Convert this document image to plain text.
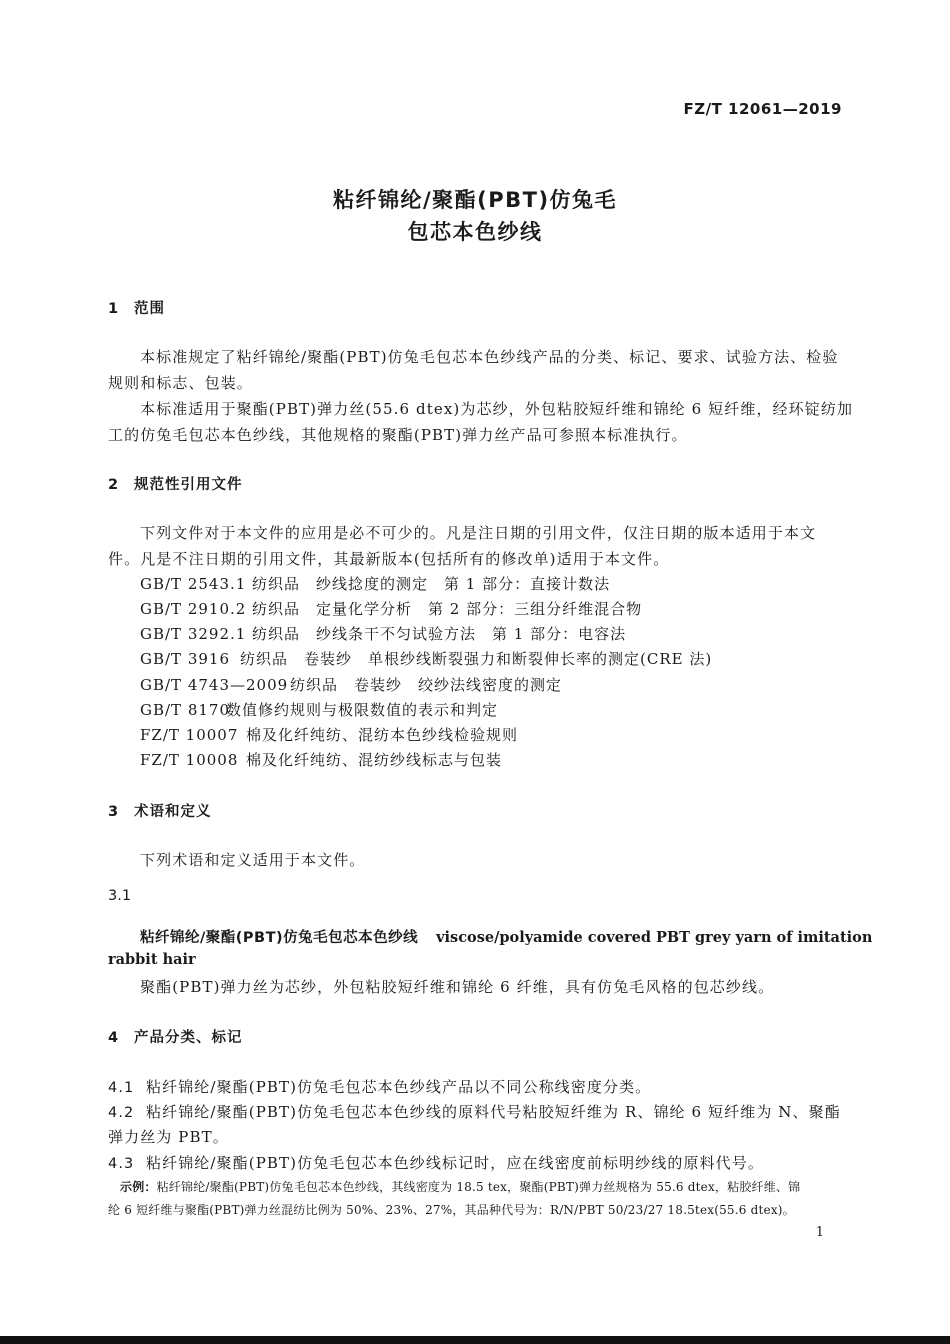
FZ/T 12061—2019
粘纤锦纶/聚酯(PBT)仿兔毛
包芯本色纱线
1 范围
本标准规定了粘纤锦纶/聚酯(PBT)仿兔毛包芯本色纱线产品的分类、标记、要求、试验方法、检验
规则和标志、包装。
本标准适用于聚酯(PBT)弹力丝(55.6 dtex)为芯纱，外包粘胶短纤维和锦纶 6 短纤维，经环锭纺加
工的仿兔毛包芯本色纱线，其他规格的聚酯(PBT)弹力丝产品可参照本标准执行。
2 规范性引用文件
下列文件对于本文件的应用是必不可少的。凡是注日期的引用文件，仅注日期的版本适用于本文
件。凡是不注日期的引用文件，其最新版本(包括所有的修改单)适用于本文件。
GB/T 2543.1 纺织品　纱线捻度的测定　第 1 部分：直接计数法
GB/T 2910.2 纺织品　定量化学分析　第 2 部分：三组分纤维混合物
GB/T 3292.1 纺织品　纱线条干不匀试验方法　第 1 部分：电容法
GB/T 3916 纺织品　卷装纱　单根纱线断裂强力和断裂伸长率的测定(CRE 法)
GB/T 4743—2009 纺织品　卷装纱　绞纱法线密度的测定
GB/T 8170数值修约规则与极限数值的表示和判定
FZ/T 10007 棉及化纤纯纺、混纺本色纱线检验规则
FZ/T 10008 棉及化纤纯纺、混纺纱线标志与包装
3 术语和定义
下列术语和定义适用于本文件。
3.1
粘纤锦纶/聚酯(PBT)仿兔毛包芯本色纱线 viscose/polyamide covered PBT grey yarn of imitation
rabbit hair
聚酯(PBT)弹力丝为芯纱，外包粘胶短纤维和锦纶 6 纤维，具有仿兔毛风格的包芯纱线。
4 产品分类、标记
4.1 粘纤锦纶/聚酯(PBT)仿兔毛包芯本色纱线产品以不同公称线密度分类。
4.2 粘纤锦纶/聚酯(PBT)仿兔毛包芯本色纱线的原料代号粘胶短纤维为 R、锦纶 6 短纤维为 N、聚酯
弹力丝为 PBT。
4.3 粘纤锦纶/聚酯(PBT)仿兔毛包芯本色纱线标记时，应在线密度前标明纱线的原料代号。
示例：粘纤锦纶/聚酯(PBT)仿兔毛包芯本色纱线，其线密度为 18.5 tex，聚酯(PBT)弹力丝规格为 55.6 dtex，粘胶纤维、锦
纶 6 短纤维与聚酯(PBT)弹力丝混纺比例为 50%、23%、27%，其品种代号为：R/N/PBT 50/23/27 18.5tex(55.6 dtex)。
1
